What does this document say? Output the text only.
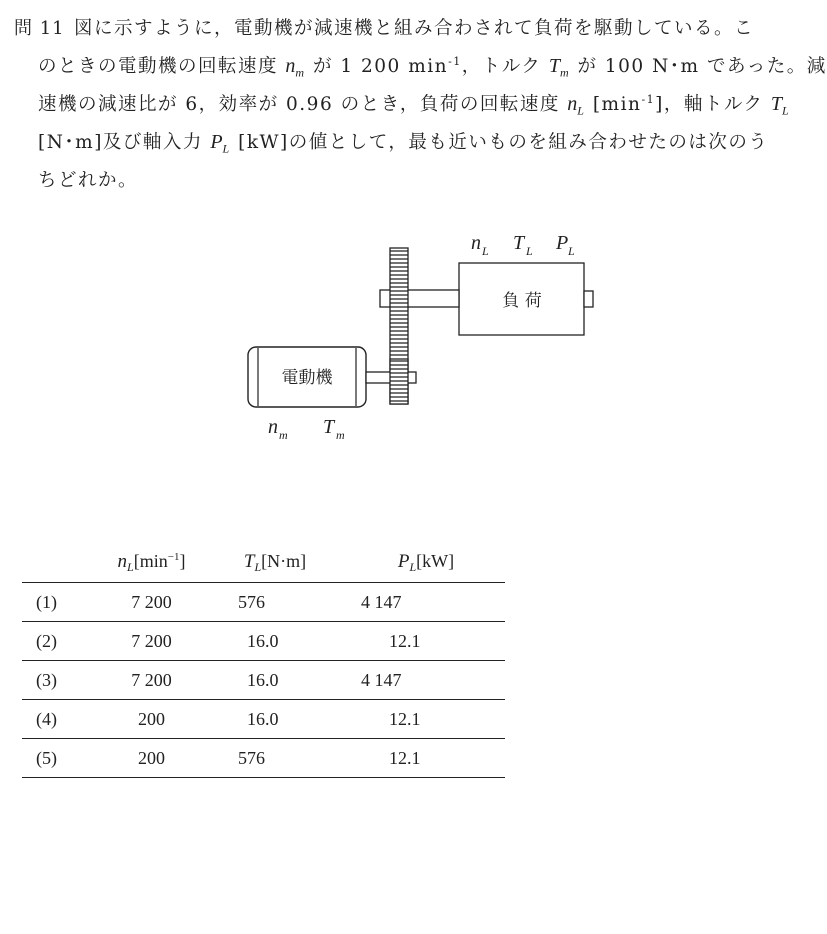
問 11 図に示すように，電動機が減速機と組み合わされて負荷を駆動している。こ
のときの電動機の回転速度 $n_m$ が 1 200 $\min^{-1}$，トルク $T_m$ が 100 N･m であった。減
速機の減速比が 6，効率が 0.96 のとき，負荷の回転速度 $n_L$ $[\min^{-1}]$，軸トルク $T_L$
[N･m]及び軸入力 $P_L$ [kW]の値として，最も近いものを組み合わせたのは次のう
ちどれか。
負 荷
電動機
n L T L P L
n m T m
	$n_L[\min^{-1}]$	$T_L[N\cdot m]$	$P_L[kW]$
(1)	7 200	576	4 147
(2)	7 200	16.0	12.1
(3)	7 200	16.0	4 147
(4)	200	16.0	12.1
(5)	200	576	12.1
